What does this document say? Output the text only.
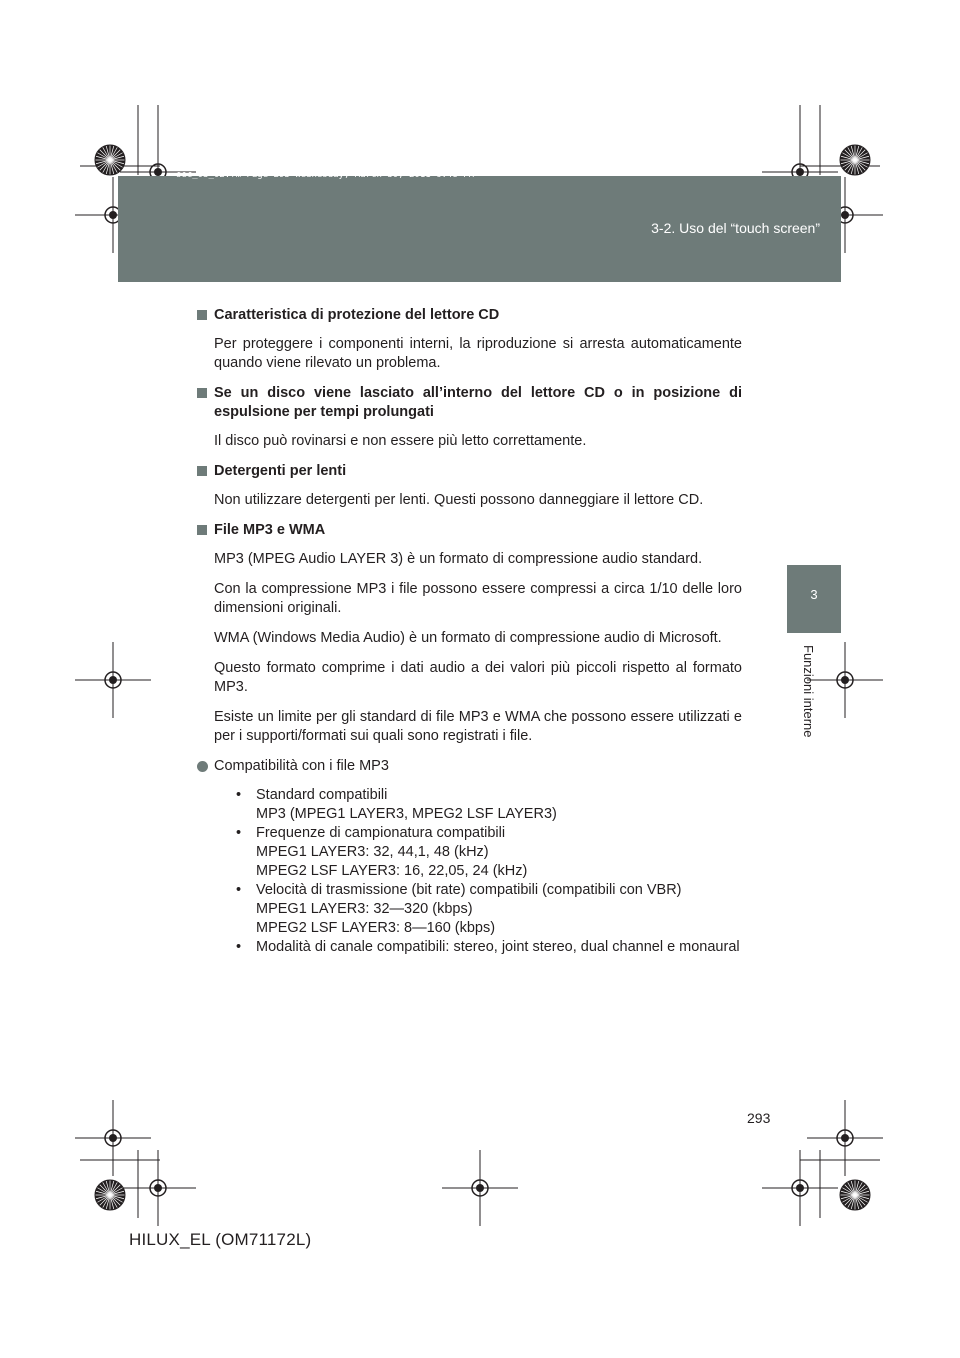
sec_03_02.fm Page 293 Wednesday, March 30, 2011 6:48 PM
3-2. Uso del “touch screen”
3
Funzioni interne
Caratteristica di protezione del lettore CD

Per proteggere i componenti interni, la riproduzione si arresta automaticamente quando viene rilevato un problema.

Se un disco viene lasciato all’interno del lettore CD o in posizione di espulsione per tempi prolungati

Il disco può rovinarsi e non essere più letto correttamente.

Detergenti per lenti

Non utilizzare detergenti per lenti. Questi possono danneggiare il lettore CD.

File MP3 e WMA

MP3 (MPEG Audio LAYER 3) è un formato di compressione audio standard.

Con la compressione MP3 i file possono essere compressi a circa 1/10 delle loro dimensioni originali.

WMA (Windows Media Audio) è un formato di compressione audio di Microsoft.

Questo formato comprime i dati audio a dei valori più piccoli rispetto al formato MP3.

Esiste un limite per gli standard di file MP3 e WMA che possono essere utilizzati e per i supporti/formati sui quali sono registrati i file.

Compatibilità con i file MP3
• Standard compatibili
MP3 (MPEG1 LAYER3, MPEG2 LSF LAYER3)
• Frequenze di campionatura compatibili
MPEG1 LAYER3: 32, 44,1, 48 (kHz)
MPEG2 LSF LAYER3: 16, 22,05, 24 (kHz)
• Velocità di trasmissione (bit rate) compatibili (compatibili con VBR)
MPEG1 LAYER3: 32—320 (kbps)
MPEG2 LSF LAYER3: 8—160 (kbps)
• Modalità di canale compatibili: stereo, joint stereo, dual channel e monaural
293
HILUX_EL (OM71172L)
